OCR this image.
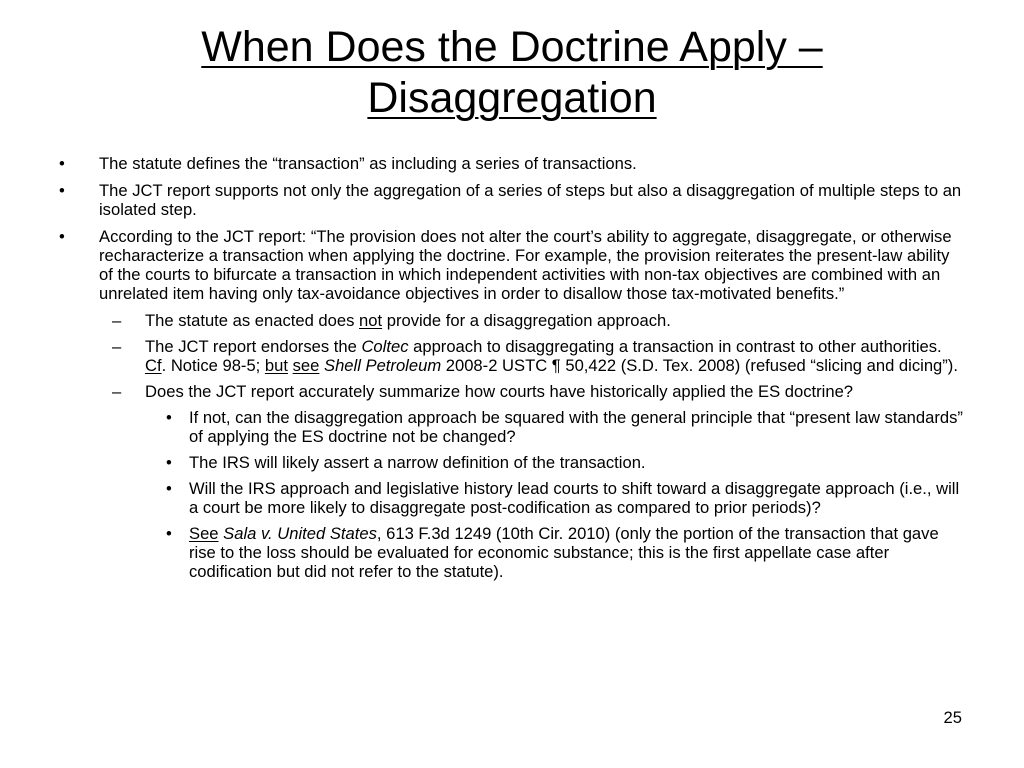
When Does the Doctrine Apply – Disaggregation
• The statute defines the “transaction” as including a series of transactions.
• The JCT report supports not only the aggregation of a series of steps but also a disaggregation of multiple steps to an isolated step.
• According to the JCT report: “The provision does not alter the court’s ability to aggregate, disaggregate, or otherwise recharacterize a transaction when applying the doctrine. For example, the provision reiterates the present-law ability of the courts to bifurcate a transaction in which independent activities with non-tax objectives are combined with an unrelated item having only tax-avoidance objectives in order to disallow those tax-motivated benefits.”
– The statute as enacted does not provide for a disaggregation approach.
– The JCT report endorses the Coltec approach to disaggregating a transaction in contrast to other authorities. Cf. Notice 98-5; but see Shell Petroleum 2008-2 USTC ¶ 50,422 (S.D. Tex. 2008) (refused “slicing and dicing”).
– Does the JCT report accurately summarize how courts have historically applied the ES doctrine?
• If not, can the disaggregation approach be squared with the general principle that “present law standards” of applying the ES doctrine not be changed?
• The IRS will likely assert a narrow definition of the transaction.
• Will the IRS approach and legislative history lead courts to shift toward a disaggregate approach (i.e., will a court be more likely to disaggregate post-codification as compared to prior periods)?
• See Sala v. United States, 613 F.3d 1249 (10th Cir. 2010) (only the portion of the transaction that gave rise to the loss should be evaluated for economic substance; this is the first appellate case after codification but did not refer to the statute).
25
